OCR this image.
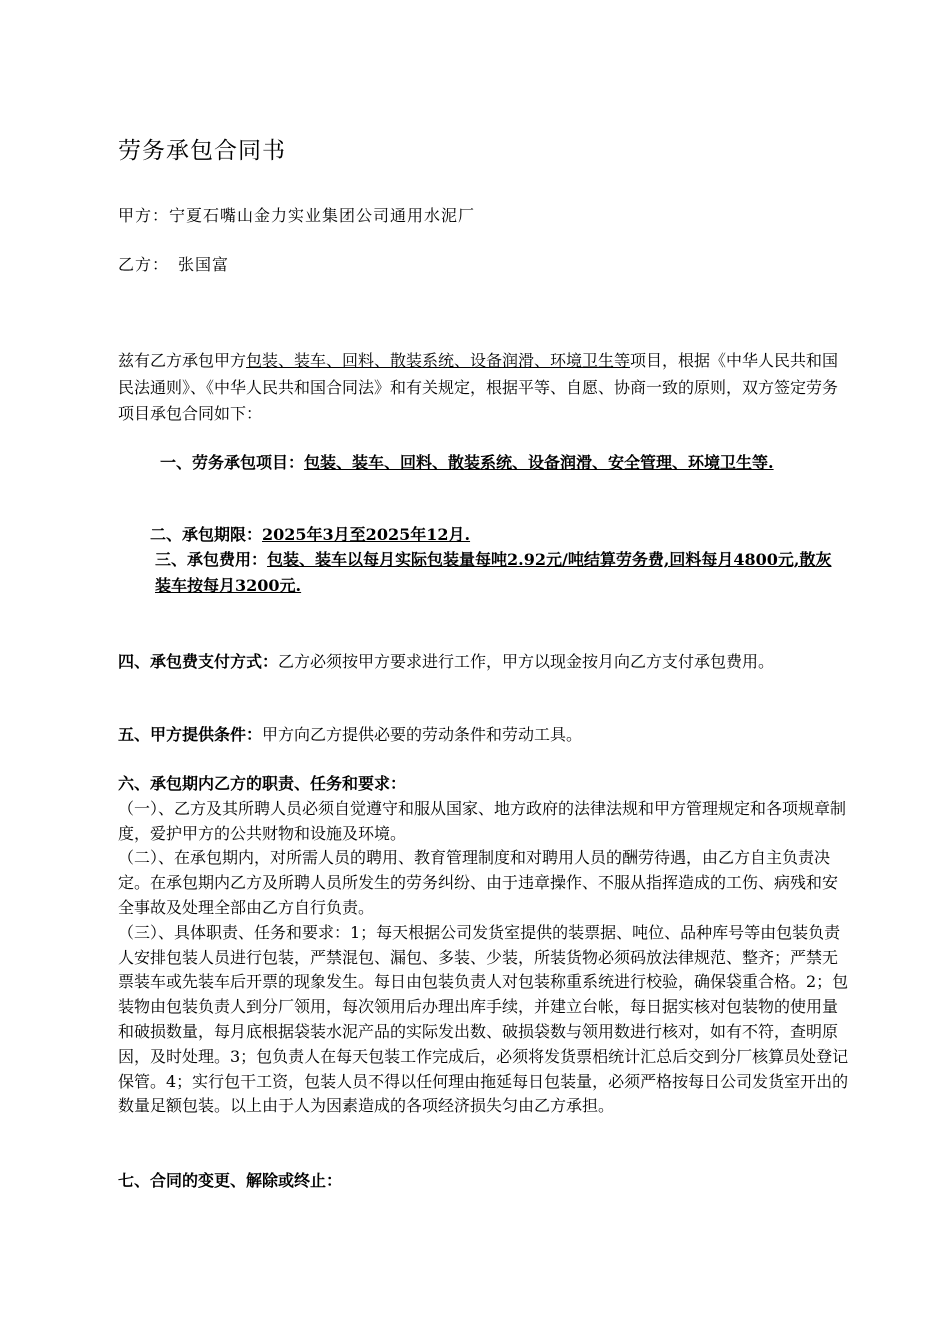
劳务承包合同书
甲方：宁夏石嘴山金力实业集团公司通用水泥厂
乙方：　张国富
兹有乙方承包甲方包装、装车、回料、散装系统、设备润滑、环境卫生等项目，根据《中华人民共和国民法通则》、《中华人民共和国合同法》和有关规定，根据平等、自愿、协商一致的原则，双方签定劳务项目承包合同如下：
一、劳务承包项目：包装、装车、回料、散装系统、设备润滑、安全管理、环境卫生等.
二、承包期限：2025年3月至2025年12月.
三、承包费用：包装、装车以每月实际包装量每吨2.92元/吨结算劳务费,回料每月4800元,散灰装车按每月3200元.
四、承包费支付方式：乙方必须按甲方要求进行工作，甲方以现金按月向乙方支付承包费用。
五、甲方提供条件：甲方向乙方提供必要的劳动条件和劳动工具。

六、承包期内乙方的职责、任务和要求：

（一）、乙方及其所聘人员必须自觉遵守和服从国家、地方政府的法律法规和甲方管理规定和各项规章制度，爱护甲方的公共财物和设施及环境。

（二）、在承包期内，对所需人员的聘用、教育管理制度和对聘用人员的酬劳待遇，由乙方自主负责决定。在承包期内乙方及所聘人员所发生的劳务纠纷、由于违章操作、不服从指挥造成的工伤、病残和安全事故及处理全部由乙方自行负责。

（三）、具体职责、任务和要求：1；每天根据公司发货室提供的装票据、吨位、品种库号等由包装负责人安排包装人员进行包装，严禁混包、漏包、多装、少装，所装货物必须码放法律规范、整齐；严禁无票装车或先装车后开票的现象发生。每日由包装负责人对包装称重系统进行校验，确保袋重合格。2；包装物由包装负责人到分厂领用，每次领用后办理出库手续，并建立台帐，每日据实核对包装物的使用量和破损数量，每月底根据袋装水泥产品的实际发出数、破损袋数与领用数进行核对，如有不符，查明原因，及时处理。3；包负责人在每天包装工作完成后，必须将发货票梠统计汇总后交到分厂核算员处登记保管。4；实行包干工资，包装人员不得以任何理由拖延每日包装量，必须严格按每日公司发货室开出的数量足额包装。以上由于人为因素造成的各项经济损失匀由乙方承担。

七、合同的变更、解除或终止：
